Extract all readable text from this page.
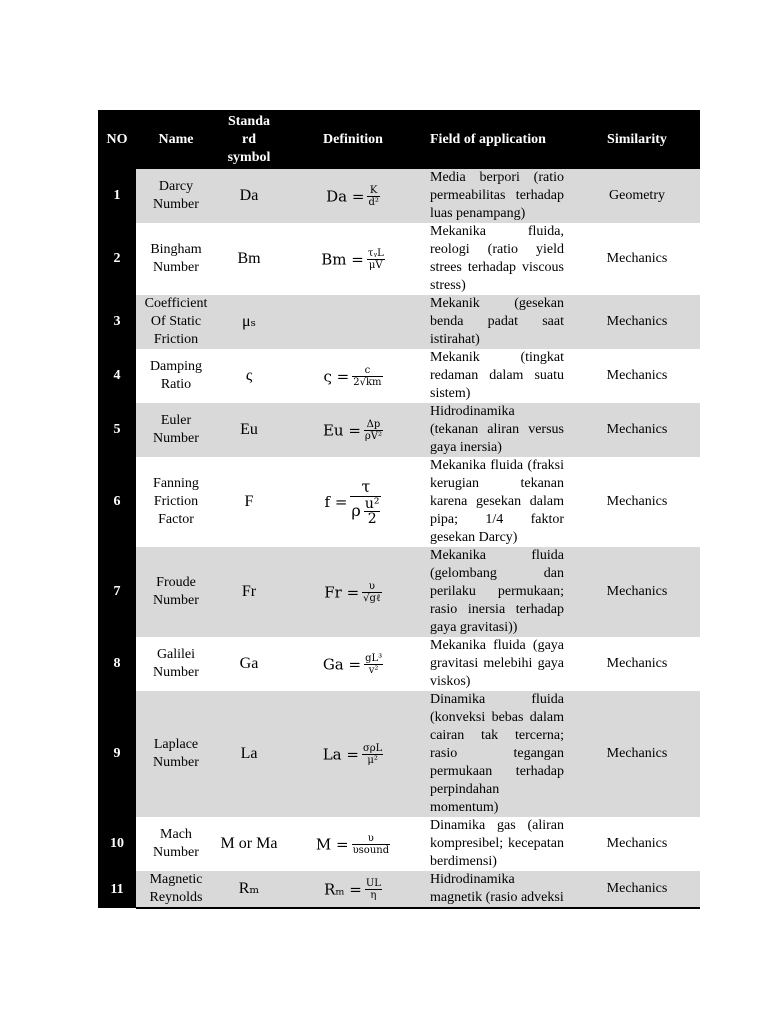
NO	Name	Standa rd symbol	Definition	Field of application	Similarity
1	Darcy Number	Da	$Da = \frac{K}{\text{d²}}$	Media berpori (ratio permeabilitas terhadap luas penampang)	Geometry
2	Bingham Number	Bm	$Bm = \frac{\text{τᵧL}}{\mu V}$	Mekanika fluida, reologi (ratio yield strees terhadap viscous stress)	Mechanics
3	Coefficient Of Static Friction	μₛ		Mekanik (gesekan benda padat saat istirahat)	Mechanics
4	Damping Ratio	ς	$\varsigma = \frac{c}{2√km}$	Mekanik (tingkat redaman dalam suatu sistem)	Mechanics
5	Euler Number	Eu	$Eu = \frac{\Delta p}{\text{ρV²}}$	Hidrodinamika (tekanan aliran versus gaya inersia)	Mechanics
6	Fanning Friction Factor	F	$f = \frac{\tau}{\rho \frac{\text{u²}}{2}}$	Mekanika fluida (fraksi kerugian tekanan karena gesekan dalam pipa; 1/4 faktor gesekan Darcy)	Mechanics
7	Froude Number	Fr	$Fr = \frac{\upsilon}{\text{√gℓ}}$	Mekanika fluida (gelombang dan perilaku permukaan; rasio inersia terhadap gaya gravitasi))	Mechanics
8	Galilei Number	Ga	$Ga = \frac{\text{gL³}}{\text{v²}}$	Mekanika fluida (gaya gravitasi melebihi gaya viskos)	Mechanics
9	Laplace Number	La	$La = \frac{\text{σρL}}{\text{μ²}}$	Dinamika fluida (konveksi bebas dalam cairan tak tercerna; rasio tegangan permukaan terhadap perpindahan momentum)	Mechanics
10	Mach Number	M or Ma	$M = \frac{\upsilon}{\text{υsound}}$	Dinamika gas (aliran kompresibel; kecepatan berdimensi)	Mechanics
11	Magnetic Reynolds	Rₘ	$R_m = \frac{UL}{\eta}$	Hidrodinamika magnetik (rasio adveksi	Mechanics
